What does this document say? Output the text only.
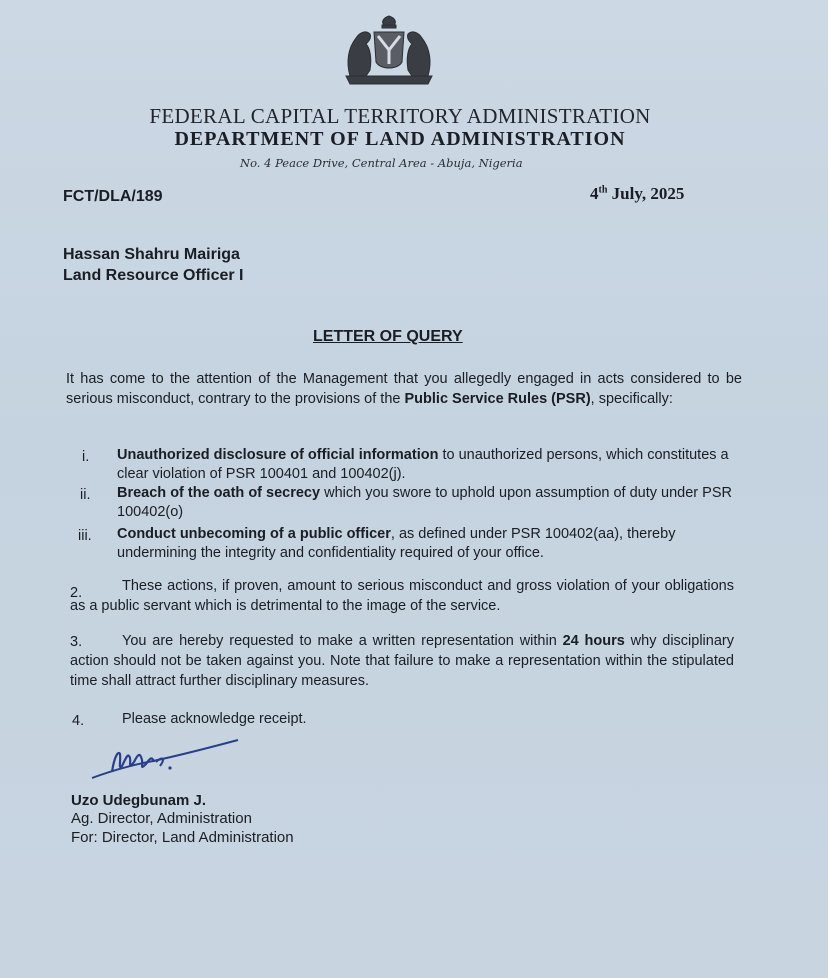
FEDERAL CAPITAL TERRITORY ADMINISTRATION
DEPARTMENT OF LAND ADMINISTRATION
No. 4 Peace Drive, Central Area - Abuja, Nigeria
FCT/DLA/189	4th July, 2025
Hassan Shahru Mairiga
Land Resource Officer I
LETTER OF QUERY
It has come to the attention of the Management that you allegedly engaged in acts considered to be serious misconduct, contrary to the provisions of the Public Service Rules (PSR), specifically:
i. Unauthorized disclosure of official information to unauthorized persons, which constitutes a clear violation of PSR 100401 and 100402(j).
ii. Breach of the oath of secrecy which you swore to uphold upon assumption of duty under PSR 100402(o)
iii. Conduct unbecoming of a public officer, as defined under PSR 100402(aa), thereby undermining the integrity and confidentiality required of your office.
2.	These actions, if proven, amount to serious misconduct and gross violation of your obligations as a public servant which is detrimental to the image of the service.
3.	You are hereby requested to make a written representation within 24 hours why disciplinary action should not be taken against you. Note that failure to make a representation within the stipulated time shall attract further disciplinary measures.
4.	Please acknowledge receipt.
Uzo Udegbunam J.
Ag. Director, Administration
For: Director, Land Administration
